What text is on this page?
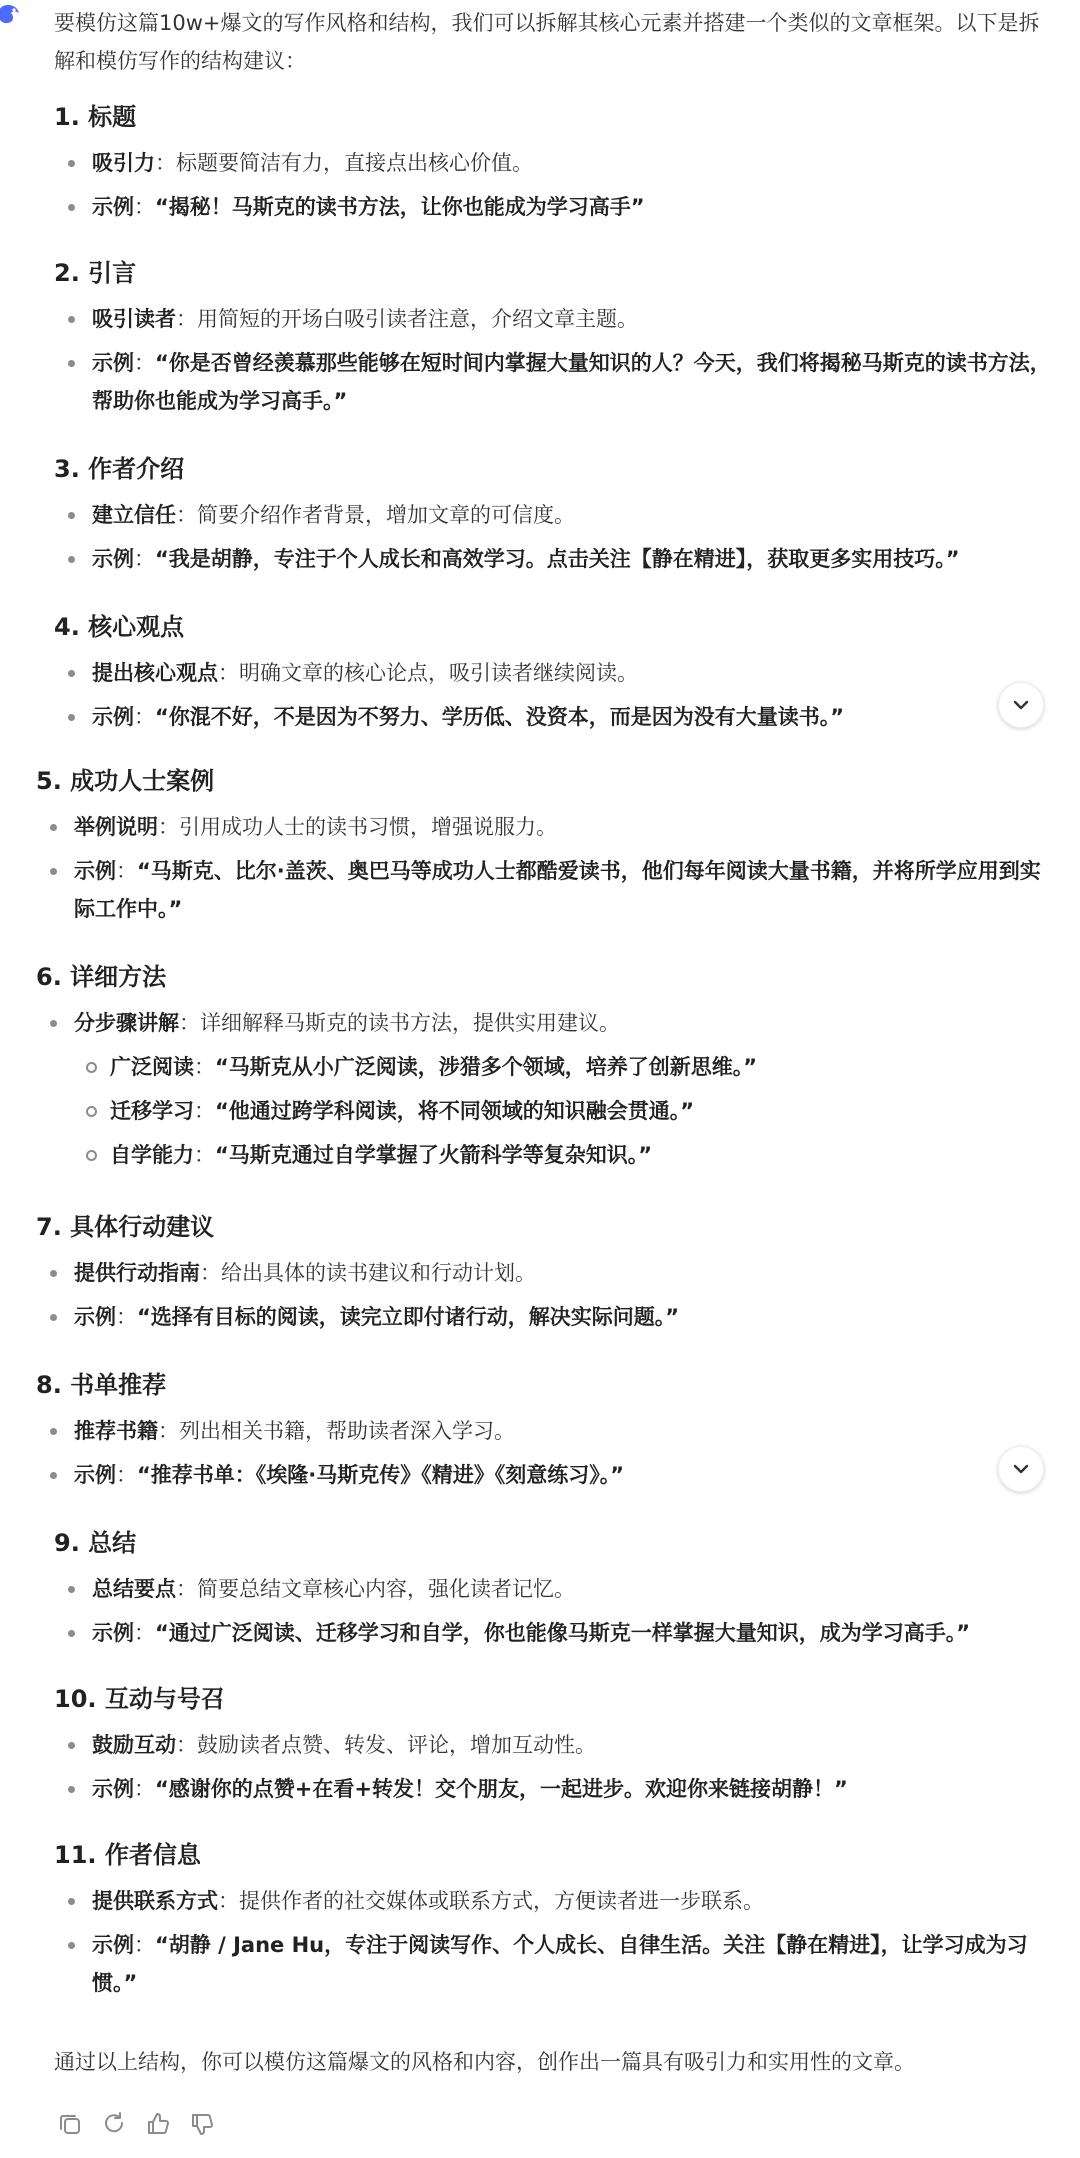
要模仿这篇10w+爆文的写作风格和结构，我们可以拆解其核心元素并搭建一个类似的文章框架。以下是拆解和模仿写作的结构建议：
1. 标题
吸引力：标题要简洁有力，直接点出核心价值。
示例：“揭秘！马斯克的读书方法，让你也能成为学习高手”
2. 引言
吸引读者：用简短的开场白吸引读者注意，介绍文章主题。
示例：“你是否曾经羡慕那些能够在短时间内掌握大量知识的人？今天，我们将揭秘马斯克的读书方法，帮助你也能成为学习高手。”
3. 作者介绍
建立信任：简要介绍作者背景，增加文章的可信度。
示例：“我是胡静，专注于个人成长和高效学习。点击关注【静在精进】，获取更多实用技巧。”
4. 核心观点
提出核心观点：明确文章的核心论点，吸引读者继续阅读。
示例：“你混不好，不是因为不努力、学历低、没资本，而是因为没有大量读书。”
5. 成功人士案例
举例说明：引用成功人士的读书习惯，增强说服力。
示例：“马斯克、比尔·盖茨、奥巴马等成功人士都酷爱读书，他们每年阅读大量书籍，并将所学应用到实际工作中。”
6. 详细方法
分步骤讲解：详细解释马斯克的读书方法，提供实用建议。
广泛阅读：“马斯克从小广泛阅读，涉猎多个领域，培养了创新思维。”
迁移学习：“他通过跨学科阅读，将不同领域的知识融会贯通。”
自学能力：“马斯克通过自学掌握了火箭科学等复杂知识。”
7. 具体行动建议
提供行动指南：给出具体的读书建议和行动计划。
示例：“选择有目标的阅读，读完立即付诸行动，解决实际问题。”
8. 书单推荐
推荐书籍：列出相关书籍，帮助读者深入学习。
示例：“推荐书单：《埃隆·马斯克传》《精进》《刻意练习》。”
9. 总结
总结要点：简要总结文章核心内容，强化读者记忆。
示例：“通过广泛阅读、迁移学习和自学，你也能像马斯克一样掌握大量知识，成为学习高手。”
10. 互动与号召
鼓励互动：鼓励读者点赞、转发、评论，增加互动性。
示例：“感谢你的点赞+在看+转发！交个朋友，一起进步。欢迎你来链接胡静！”
11. 作者信息
提供联系方式：提供作者的社交媒体或联系方式，方便读者进一步联系。
示例：“胡静 / Jane Hu，专注于阅读写作、个人成长、自律生活。关注【静在精进】，让学习成为习惯。”
通过以上结构，你可以模仿这篇爆文的风格和内容，创作出一篇具有吸引力和实用性的文章。
